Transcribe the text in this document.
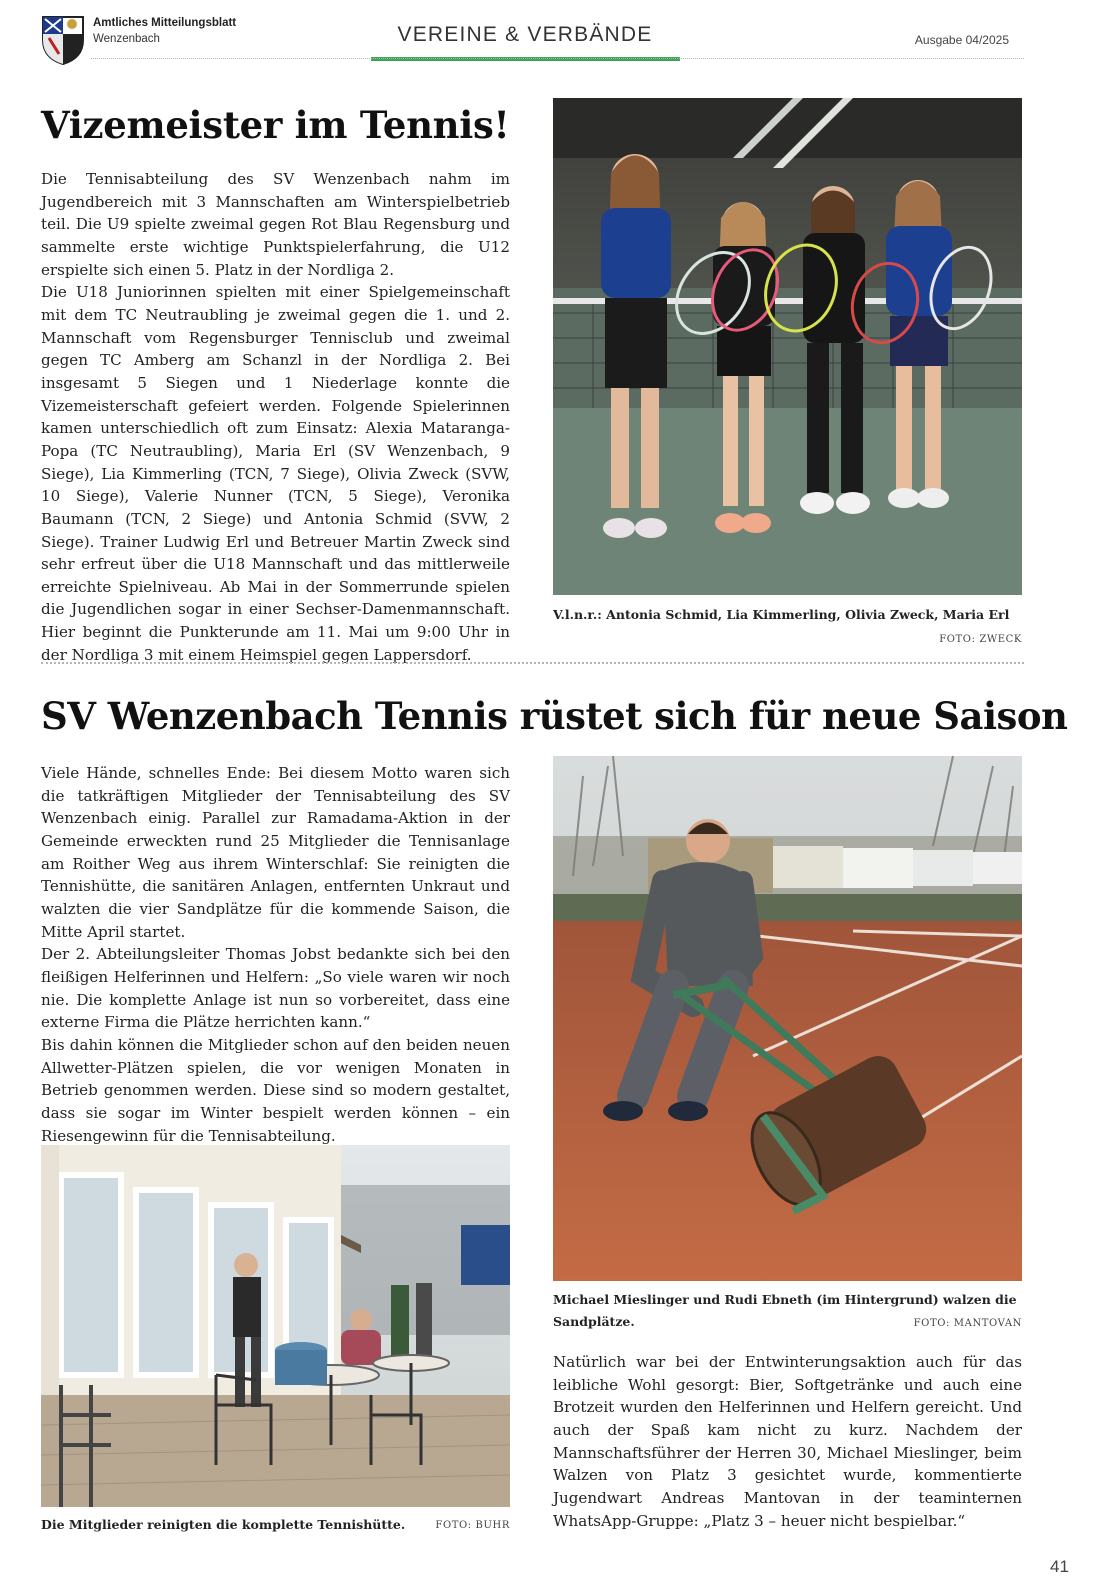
Amtliches Mitteilungsblatt
Wenzenbach	VEREINE & VERBÄNDE	Ausgabe 04/2025
Vizemeister im Tennis!

Die Tennisabteilung des SV Wenzenbach nahm im Jugendbereich mit 3 Mannschaften am Winterspielbetrieb teil. Die U9 spielte zweimal gegen Rot Blau Regensburg und sammelte erste wichtige Punktspielerfahrung, die U12 erspielte sich einen 5. Platz in der Nordliga 2.

Die U18 Juniorinnen spielten mit einer Spielgemeinschaft mit dem TC Neutraubling je zweimal gegen die 1. und 2. Mannschaft vom Regensburger Tennisclub und zweimal gegen TC Amberg am Schanzl in der Nordliga 2. Bei insgesamt 5 Siegen und 1 Niederlage konnte die Vizemeisterschaft gefeiert werden. Folgende Spielerinnen kamen unterschiedlich oft zum Einsatz: Alexia Mataranga-Popa (TC Neutraubling), Maria Erl (SV Wenzenbach, 9 Siege), Lia Kimmerling (TCN, 7 Siege), Olivia Zweck (SVW, 10 Siege), Valerie Nunner (TCN, 5 Siege), Veronika Baumann (TCN, 2 Siege) und Antonia Schmid (SVW, 2 Siege). Trainer Ludwig Erl und Betreuer Martin Zweck sind sehr erfreut über die U18 Mannschaft und das mittlerweile erreichte Spielniveau. Ab Mai in der Sommerrunde spielen die Jugendlichen sogar in einer Sechser-Damenmannschaft. Hier beginnt die Punkterunde am 11. Mai um 9:00 Uhr in der Nordliga 3 mit einem Heimspiel gegen Lappersdorf.

V.l.n.r.: Antonia Schmid, Lia Kimmerling, Olivia Zweck, Maria Erl
FOTO: ZWECK
SV Wenzenbach Tennis rüstet sich für neue Saison

Viele Hände, schnelles Ende: Bei diesem Motto waren sich die tatkräftigen Mitglieder der Tennisabteilung des SV Wenzenbach einig. Parallel zur Ramadama-Aktion in der Gemeinde erweckten rund 25 Mitglieder die Tennisanlage am Roither Weg aus ihrem Winterschlaf: Sie reinigten die Tennishütte, die sanitären Anlagen, entfernten Unkraut und walzten die vier Sandplätze für die kommende Saison, die Mitte April startet.

Der 2. Abteilungsleiter Thomas Jobst bedankte sich bei den fleißigen Helferinnen und Helfern: „So viele waren wir noch nie. Die komplette Anlage ist nun so vorbereitet, dass eine externe Firma die Plätze herrichten kann.“

Bis dahin können die Mitglieder schon auf den beiden neuen Allwetter-Plätzen spielen, die vor wenigen Monaten in Betrieb genommen werden. Diese sind so modern gestaltet, dass sie sogar im Winter bespielt werden können – ein Riesengewinn für die Tennisabteilung.

Michael Mieslinger und Rudi Ebneth (im Hintergrund) walzen die Sandplätze.	FOTO: MANTOVAN

Natürlich war bei der Entwinterungsaktion auch für das leibliche Wohl gesorgt: Bier, Softgetränke und auch eine Brotzeit wurden den Helferinnen und Helfern gereicht. Und auch der Spaß kam nicht zu kurz. Nachdem der Mannschaftsführer der Herren 30, Michael Mieslinger, beim Walzen von Platz 3 gesichtet wurde, kommentierte Jugendwart Andreas Mantovan in der teaminternen WhatsApp-Gruppe: „Platz 3 – heuer nicht bespielbar.“

Die Mitglieder reinigten die komplette Tennishütte.	FOTO: BUHR
41
